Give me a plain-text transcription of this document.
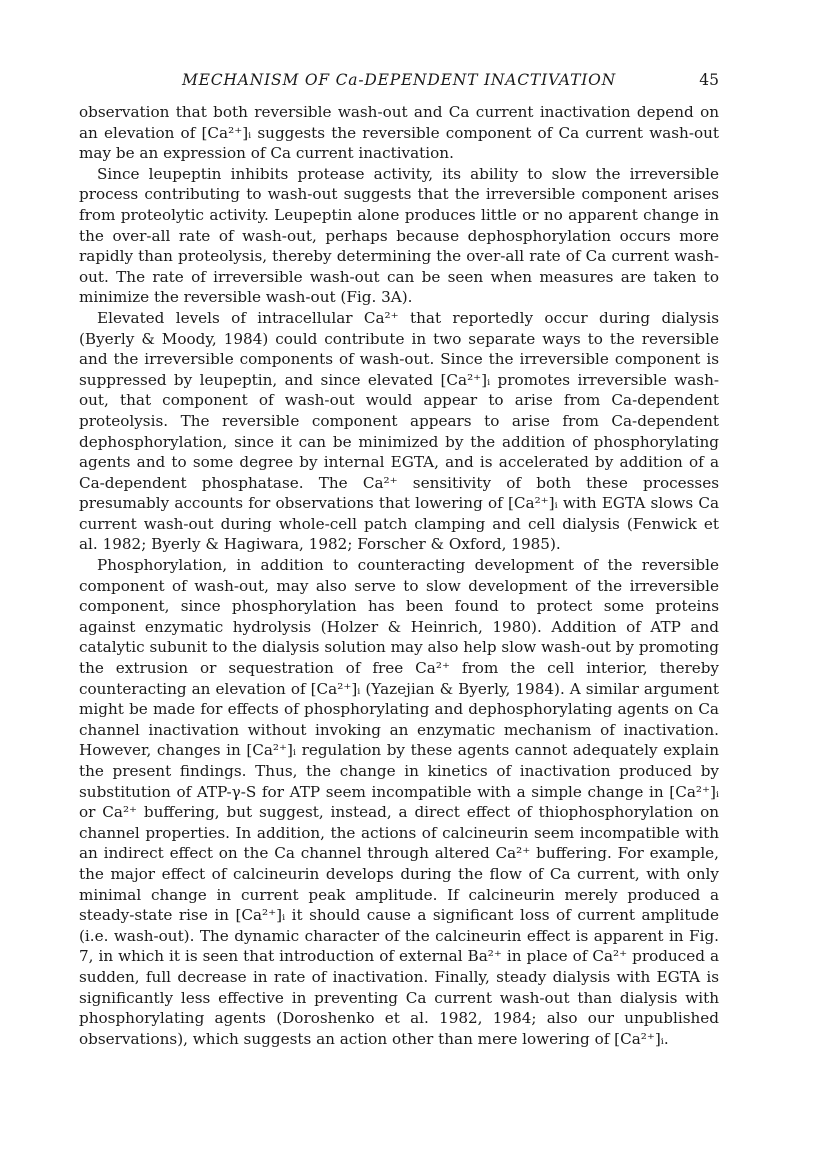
MECHANISM OF Ca-DEPENDENT INACTIVATION	45

observation that both reversible wash-out and Ca current inactivation depend on an elevation of [Ca²⁺]ᵢ suggests the reversible component of Ca current wash-out may be an expression of Ca current inactivation.

Since leupeptin inhibits protease activity, its ability to slow the irreversible process contributing to wash-out suggests that the irreversible component arises from proteolytic activity. Leupeptin alone produces little or no apparent change in the over-all rate of wash-out, perhaps because dephosphorylation occurs more rapidly than proteolysis, thereby determining the over-all rate of Ca current wash-out. The rate of irreversible wash-out can be seen when measures are taken to minimize the reversible wash-out (Fig. 3A).

Elevated levels of intracellular Ca²⁺ that reportedly occur during dialysis (Byerly & Moody, 1984) could contribute in two separate ways to the reversible and the irreversible components of wash-out. Since the irreversible component is suppressed by leupeptin, and since elevated [Ca²⁺]ᵢ promotes irreversible wash-out, that component of wash-out would appear to arise from Ca-dependent proteolysis. The reversible component appears to arise from Ca-dependent dephosphorylation, since it can be minimized by the addition of phosphorylating agents and to some degree by internal EGTA, and is accelerated by addition of a Ca-dependent phosphatase. The Ca²⁺ sensitivity of both these processes presumably accounts for observations that lowering of [Ca²⁺]ᵢ with EGTA slows Ca current wash-out during whole-cell patch clamping and cell dialysis (Fenwick et al. 1982; Byerly & Hagiwara, 1982; Forscher & Oxford, 1985).

Phosphorylation, in addition to counteracting development of the reversible component of wash-out, may also serve to slow development of the irreversible component, since phosphorylation has been found to protect some proteins against enzymatic hydrolysis (Holzer & Heinrich, 1980). Addition of ATP and catalytic subunit to the dialysis solution may also help slow wash-out by promoting the extrusion or sequestration of free Ca²⁺ from the cell interior, thereby counteracting an elevation of [Ca²⁺]ᵢ (Yazejian & Byerly, 1984). A similar argument might be made for effects of phosphorylating and dephosphorylating agents on Ca channel inactivation without invoking an enzymatic mechanism of inactivation. However, changes in [Ca²⁺]ᵢ regulation by these agents cannot adequately explain the present findings. Thus, the change in kinetics of inactivation produced by substitution of ATP-γ-S for ATP seem incompatible with a simple change in [Ca²⁺]ᵢ or Ca²⁺ buffering, but suggest, instead, a direct effect of thiophosphorylation on channel properties. In addition, the actions of calcineurin seem incompatible with an indirect effect on the Ca channel through altered Ca²⁺ buffering. For example, the major effect of calcineurin develops during the flow of Ca current, with only minimal change in current peak amplitude. If calcineurin merely produced a steady-state rise in [Ca²⁺]ᵢ it should cause a significant loss of current amplitude (i.e. wash-out). The dynamic character of the calcineurin effect is apparent in Fig. 7, in which it is seen that introduction of external Ba²⁺ in place of Ca²⁺ produced a sudden, full decrease in rate of inactivation. Finally, steady dialysis with EGTA is significantly less effective in preventing Ca current wash-out than dialysis with phosphorylating agents (Doroshenko et al. 1982, 1984; also our unpublished observations), which suggests an action other than mere lowering of [Ca²⁺]ᵢ.
